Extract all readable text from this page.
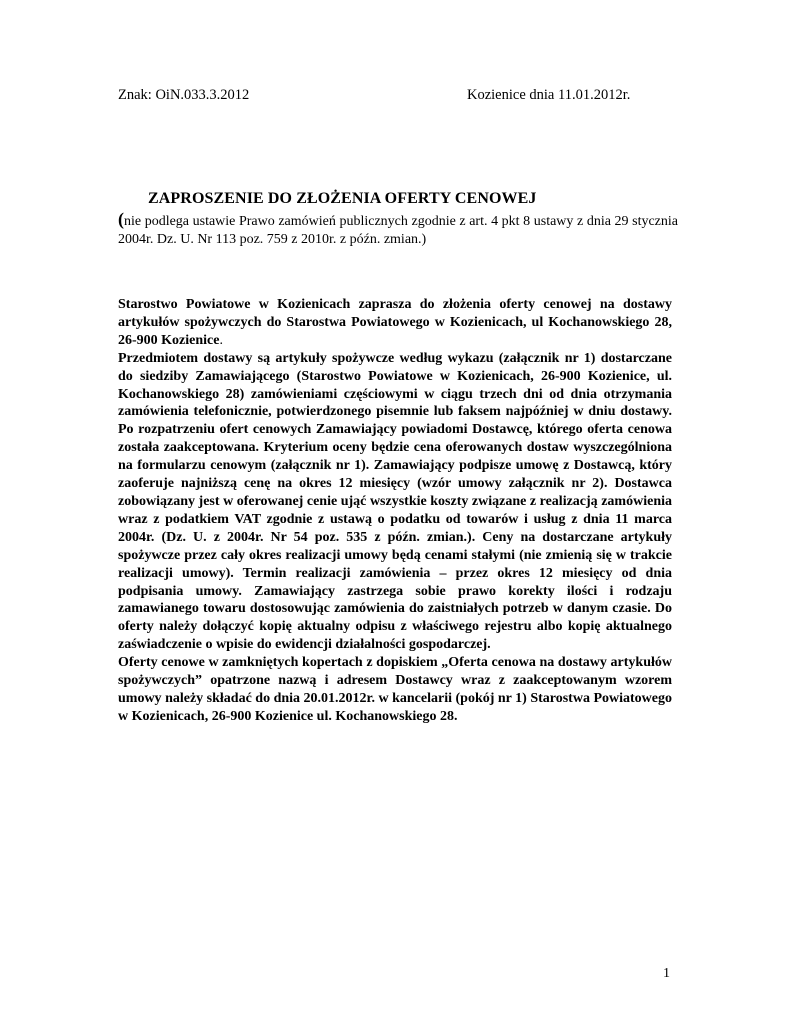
Znak: OiN.033.3.2012	Kozienice dnia 11.01.2012r.
ZAPROSZENIE DO ZŁOŻENIA OFERTY CENOWEJ
(nie podlega ustawie Prawo zamówień publicznych zgodnie z art. 4 pkt 8 ustawy z dnia 29 stycznia 2004r. Dz. U. Nr 113 poz. 759 z 2010r. z późn. zmian.)

Starostwo Powiatowe w Kozienicach zaprasza do złożenia oferty cenowej na dostawy artykułów spożywczych do Starostwa Powiatowego w Kozienicach, ul Kochanowskiego 28, 26-900 Kozienice.

Przedmiotem dostawy są artykuły spożywcze według wykazu (załącznik nr 1) dostarczane do siedziby Zamawiającego (Starostwo Powiatowe w Kozienicach, 26-900 Kozienice, ul. Kochanowskiego 28) zamówieniami częściowymi w ciągu trzech dni od dnia otrzymania zamówienia telefonicznie, potwierdzonego pisemnie lub faksem najpóźniej w dniu dostawy. Po rozpatrzeniu ofert cenowych Zamawiający powiadomi Dostawcę, którego oferta cenowa została zaakceptowana. Kryterium oceny będzie cena oferowanych dostaw wyszczególniona na formularzu cenowym (załącznik nr 1). Zamawiający podpisze umowę z Dostawcą, który zaoferuje najniższą cenę na okres 12 miesięcy (wzór umowy załącznik nr 2). Dostawca zobowiązany jest w oferowanej cenie ująć wszystkie koszty związane z realizacją zamówienia wraz z podatkiem VAT zgodnie z ustawą o podatku od towarów i usług z dnia 11 marca 2004r. (Dz. U. z 2004r. Nr 54 poz. 535 z późn. zmian.). Ceny na dostarczane artykuły spożywcze przez cały okres realizacji umowy będą cenami stałymi (nie zmienią się w trakcie realizacji umowy). Termin realizacji zamówienia – przez okres 12 miesięcy od dnia podpisania umowy. Zamawiający zastrzega sobie prawo korekty ilości i rodzaju zamawianego towaru dostosowując zamówienia do zaistniałych potrzeb w danym czasie. Do oferty należy dołączyć kopię aktualny odpisu z właściwego rejestru albo kopię aktualnego zaświadczenie o wpisie do ewidencji działalności gospodarczej.

Oferty cenowe w zamkniętych kopertach z dopiskiem „Oferta cenowa na dostawy artykułów spożywczych” opatrzone nazwą i adresem Dostawcy wraz z zaakceptowanym wzorem umowy należy składać do dnia 20.01.2012r. w kancelarii (pokój nr 1) Starostwa Powiatowego w Kozienicach, 26-900 Kozienice ul. Kochanowskiego 28.

1
